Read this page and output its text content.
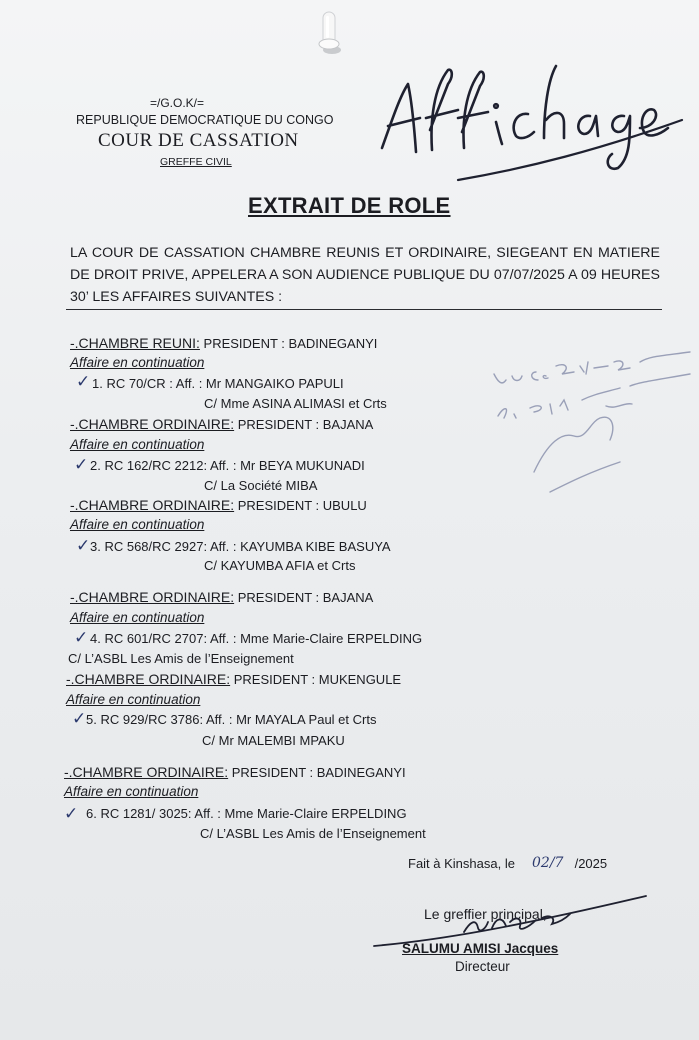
=/G.O.K/=
REPUBLIQUE DEMOCRATIQUE DU CONGO
COUR DE CASSATION
GREFFE CIVIL
EXTRAIT DE ROLE
LA COUR DE CASSATION CHAMBRE REUNIS ET ORDINAIRE, SIEGEANT EN MATIERE DE DROIT PRIVE, APPELERA A SON AUDIENCE PUBLIQUE DU 07/07/2025 A 09 HEURES 30’ LES AFFAIRES SUIVANTES :
-.CHAMBRE REUNI: PRESIDENT : BADINEGANYI
Affaire en continuation
✓ 1. RC 70/CR : Aff. : Mr MANGAIKO PAPULI
C/ Mme ASINA ALIMASI et Crts
-.CHAMBRE ORDINAIRE: PRESIDENT : BAJANA
Affaire en continuation
✓ 2. RC 162/RC 2212: Aff. : Mr BEYA MUKUNADI
C/ La Société MIBA
-.CHAMBRE ORDINAIRE: PRESIDENT : UBULU
Affaire en continuation
✓ 3. RC 568/RC 2927: Aff. : KAYUMBA KIBE BASUYA
C/ KAYUMBA AFIA et Crts
-.CHAMBRE ORDINAIRE: PRESIDENT : BAJANA
Affaire en continuation
✓ 4. RC 601/RC 2707: Aff. : Mme Marie-Claire ERPELDING
C/ L’ASBL Les Amis de l’Enseignement
-.CHAMBRE ORDINAIRE: PRESIDENT : MUKENGULE
Affaire en continuation
✓ 5. RC 929/RC 3786: Aff. : Mr MAYALA Paul et Crts
C/ Mr MALEMBI MPAKU
-.CHAMBRE ORDINAIRE: PRESIDENT : BADINEGANYI
Affaire en continuation
✓ 6. RC 1281/ 3025: Aff. : Mme Marie-Claire ERPELDING
C/ L’ASBL Les Amis de l’Enseignement
Fait à Kinshasa, le	/2025
02/7
Le greffier principal,
SALUMU AMISI Jacques
Directeur
